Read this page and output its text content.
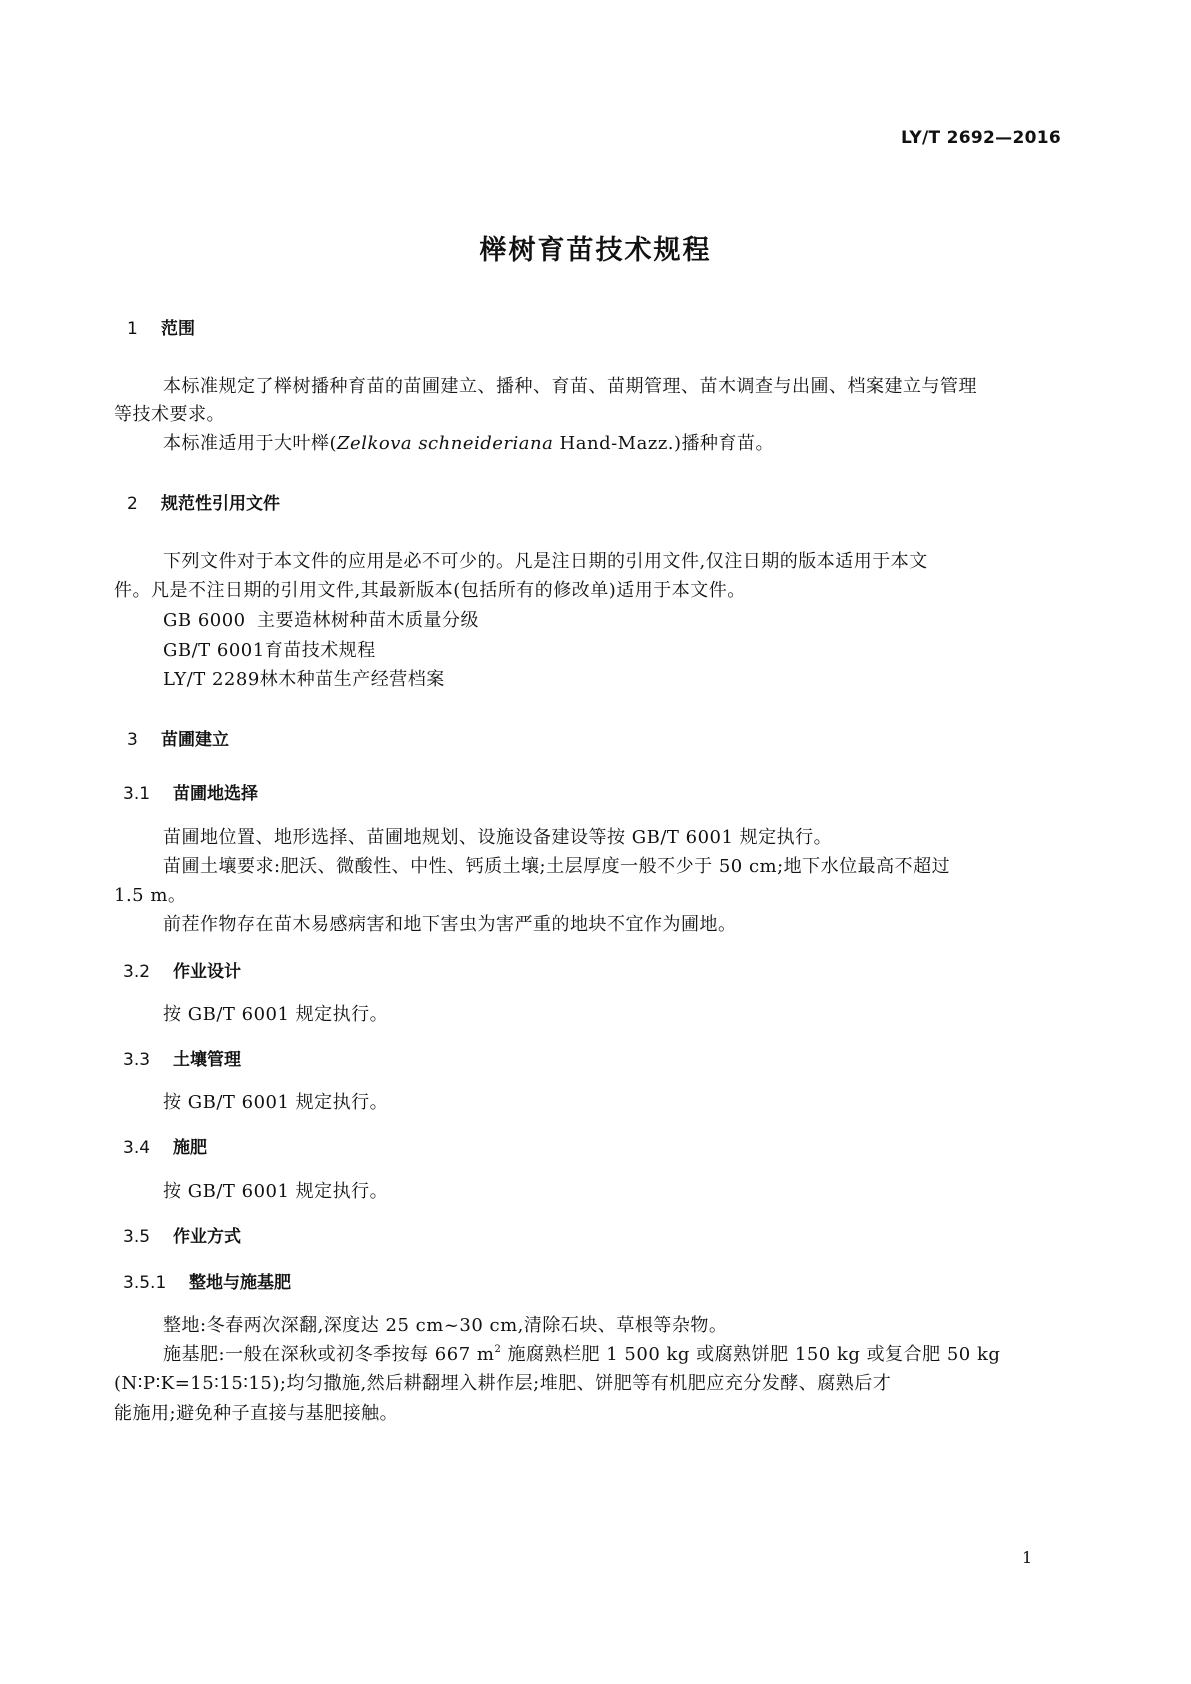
LY/T 2692—2016
榉树育苗技术规程
1 范围
本标准规定了榉树播种育苗的苗圃建立、播种、育苗、苗期管理、苗木调查与出圃、档案建立与管理
等技术要求。
本标准适用于大叶榉(Zelkova schneideriana Hand-Mazz.)播种育苗。
2 规范性引用文件
下列文件对于本文件的应用是必不可少的。凡是注日期的引用文件,仅注日期的版本适用于本文
件。凡是不注日期的引用文件,其最新版本(包括所有的修改单)适用于本文件。
GB 6000 主要造林树种苗木质量分级
GB/T 6001育苗技术规程
LY/T 2289林木种苗生产经营档案
3 苗圃建立
3.1 苗圃地选择
苗圃地位置、地形选择、苗圃地规划、设施设备建设等按 GB/T 6001 规定执行。
苗圃土壤要求:肥沃、微酸性、中性、钙质土壤;土层厚度一般不少于 50 cm;地下水位最高不超过
1.5 m。
前茬作物存在苗木易感病害和地下害虫为害严重的地块不宜作为圃地。
3.2 作业设计
按 GB/T 6001 规定执行。
3.3 土壤管理
按 GB/T 6001 规定执行。
3.4 施肥
按 GB/T 6001 规定执行。
3.5 作业方式
3.5.1 整地与施基肥
整地:冬春两次深翻,深度达 25 cm~30 cm,清除石块、草根等杂物。
施基肥:一般在深秋或初冬季按每 667 $m^2$ 施腐熟栏肥 1 500 kg 或腐熟饼肥 150 kg 或复合肥 50 kg
(N∶P∶K=15∶15∶15);均匀撒施,然后耕翻埋入耕作层;堆肥、饼肥等有机肥应充分发酵、腐熟后才
能施用;避免种子直接与基肥接触。
1
